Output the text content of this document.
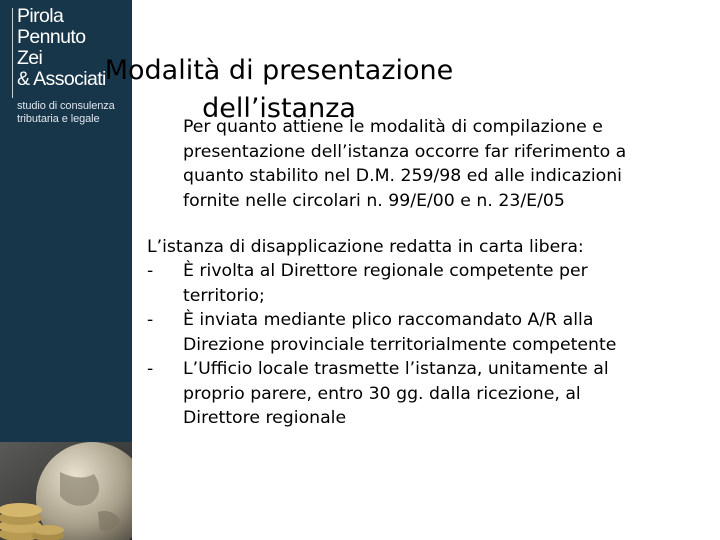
Pirola
Pennuto
Zei
& Associati
studio di consulenza
tributaria e legale
Modalità di presentazione
dell’istanza
Per quanto attiene le modalità di compilazione e
presentazione dell’istanza occorre far riferimento a
quanto stabilito nel D.M. 259/98 ed alle indicazioni
fornite nelle circolari n. 99/E/00 e n. 23/E/05
L’istanza di disapplicazione redatta in carta libera:
- È rivolta al Direttore regionale competente per
territorio;
- È inviata mediante plico raccomandato A/R alla
Direzione provinciale territorialmente competente
- L’Ufficio locale trasmette l’istanza, unitamente al
proprio parere, entro 30 gg. dalla ricezione, al
Direttore regionale
